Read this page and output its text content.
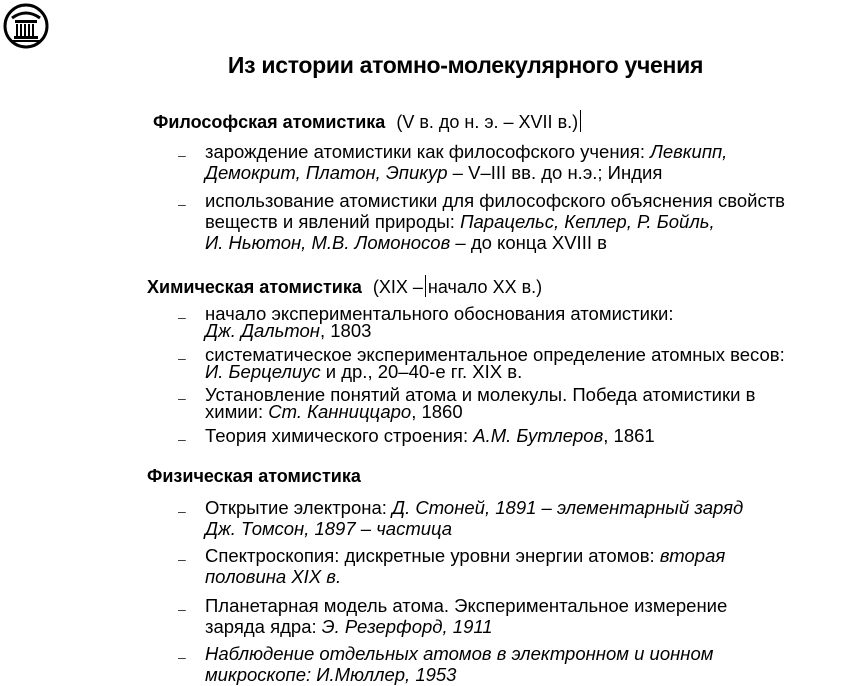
Из истории атомно-молекулярного учения
Философская атомистика (V в. до н. э. – XVII в.)
– зарождение атомистики как философского учения: Левкипп,
Демокрит, Платон, Эпикур – V–III вв. до н.э.; Индия
– использование атомистики для философского объяснения свойств
веществ и явлений природы: Парацельс, Кеплер, Р. Бойль,
И. Ньютон, М.В. Ломоносов – до конца XVIII в
Химическая атомистика (XIX – начало XX в.)
– начало экспериментального обоснования атомистики:
Дж. Дальтон, 1803
– систематическое экспериментальное определение атомных весов:
И. Берцелиус и др., 20–40-е гг. XIX в.
– Установление понятий атома и молекулы. Победа атомистики в
химии: Ст. Канниццаро, 1860
– Теория химического строения: А.М. Бутлеров, 1861
Физическая атомистика
– Открытие электрона: Д. Стоней, 1891 – элементарный заряд
Дж. Томсон, 1897 – частица
– Спектроскопия: дискретные уровни энергии атомов: вторая
половина XIX в.
– Планетарная модель атома. Экспериментальное измерение
заряда ядра: Э. Резерфорд, 1911
– Наблюдение отдельных атомов в электронном и ионном
микроскопе: И.Мюллер, 1953
